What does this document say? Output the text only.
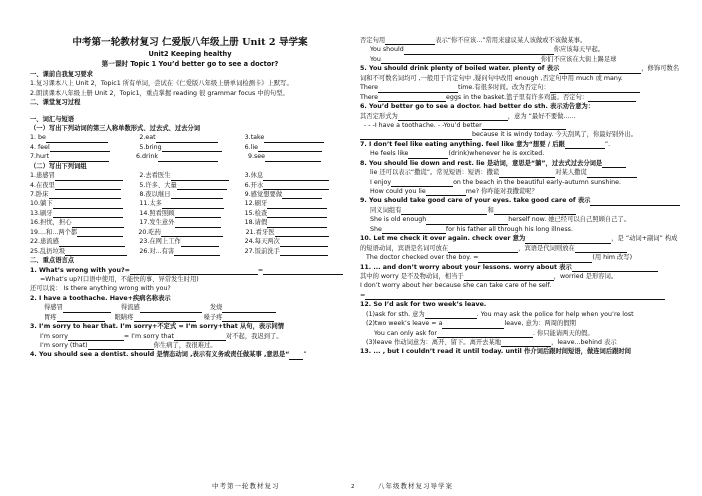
中考第一轮教材复习 仁爱版八年级上册 Unit 2 导学案
Unit2 Keeping healthy
第一课时 Topic 1 You’d better go to see a doctor?
一、课前自我复习要求
1.复习课本八上 Unit 2，Topic1 所有单词，尝试在《仁爱版八年级上册单词检测卡》上默写。
2.朗读课本八年级上册 Unit 2，Topic1，重点掌握 reading 很 grammar focus 中的句型。
二、课堂复习过程
一、词汇与短语
（一）写出下列动词的第三人称单数形式、过去式、过去分词
1. be	2.eat	3.take
4. feel	5.bring	6.lie
7.hurt	6.drink	9.see
（二）写出下列词组
1.患感冒	2.去看医生	3.休息
4.在夜里	5.许多、大量	6.开水
7.卧床	8.夜以继日	9.感觉想要做
10.躺下	11.太多	12.刷牙
13.刷牙	14.照看照顾	15.检查
16.担忧，担心	17.发生意外	18.请假
19....和...两个都	20.吃药	21.看牙医
22.患流感	23.在网上工作	24.每天两次
25.乱扔垃圾	26.对...有害	27.饭前洗手
二、重点语言点
1. What’s wrong with you?=	=
=What’s up?(口语中使用，不能快的事、异常发生时用)
还可以说： Is there anything wrong with you?
2. I have a toothache. Have+疾病名称表示
得感冒	得流感	发烧
胃疼	眼睛疼	嗓子疼
3. I’m sorry to hear that. I’m sorry+不定式 = I’m sorry+that 从句，表示同情
I’m sorry	= I’m sorry that	对不起，我迟到了。
I’m sorry (that)	你生病了，我很难过。
4. You should see a dentist. should 是情态动词 ,表示有义务或责任做某事 ,意思是“ ”
否定句用	表示“你不应该...”常用来建议某人该做或不该做某事。
You should	你应该每天早起。
You	你们不应该在大街上踢足球
5. You should drink plenty of boiled water. plenty of 表示	，修饰可数名
词和不可数名词均可 ,一般用于肯定句中 ,疑问句中改用 enough ,否定句中用 much 或 many.
There	time.有很多时间。改为否定句：
There	eggs in the basket.篮子里有许多鸡蛋。否定句：
6. You’d better go to see a doctor. had better do sth. 表示劝告意为：
其否定形式为	，意为 “最好不要做......
- - -I have a toothache. - -You’d better
because it is windy today. 今天刮风了，你最好别外出。
7. I don’t feel like eating anything. feel like 意为“想要 / 后跟	”.
He feels like	(drink)whenever he is excited.
8. You should lie down and rest. lie 是动词，意思是“躺”，过去式过去分词是
lie 还可以表示“撒谎”。常见短语：短语：撒谎	对某人撒谎
I enjoy	on the beach in the beautiful early-autumn sunshine.
How could you lie	me? 你咋能对我撒谎呢？
9. You should take good care of your eyes. take good care of 表示
同义词组有	和
She is old enough	herself now. 她已经可以自己照顾自己了。
She	for his father all through his long illness.
10. Let me check it over again. check over 意为	，是 “动词+副词” 构成
的短语动词，宾语是名词可放在	，宾语是代词则放在
The doctor checked over the boy. =	(用 him 改写)
11. ... and don’t worry about your lessons. worry about 表示
其中的 worry 是不及物动词，相当于	，worried 是形容词。
I don’t worry about her because she can take care of he self.
=
12. So I’d ask for two week’s leave.
(1)ask for sth. 意为	. You may ask the police for help when you’re lost
(2)two week’s leave = a	leave, 意为：两周的假期
You can only ask for	. 你只能请两天的假。
(3)leave 作动词意为：离开、留下。离开去某地	，leave...behind 表示
13. ... , but I couldn’t read it until today. until 作介词后跟时间短语，做连词后跟时间
中考第一轮教材复习	2	八年级教材复习导学案
